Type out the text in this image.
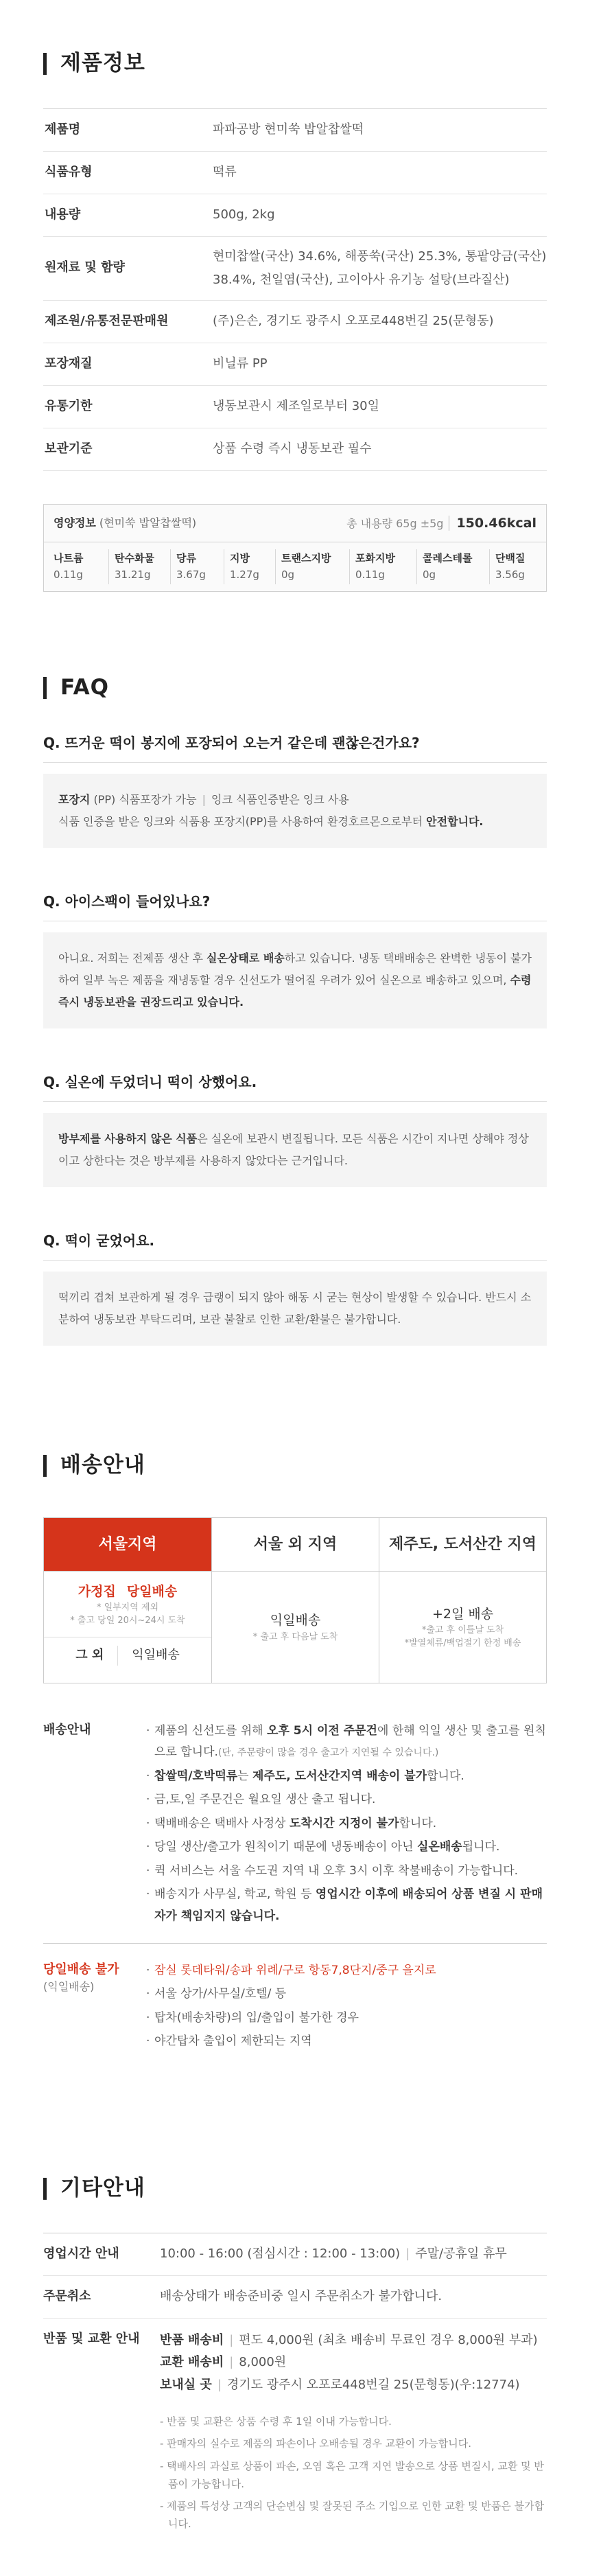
제품정보
제품명	파파공방 현미쑥 밥알찹쌀떡
식품유형	떡류
내용량	500g, 2kg
원재료 및 함량
현미찹쌀(국산) 34.6%, 해풍쑥(국산) 25.3%, 통팥앙금(국산) 38.4%, 천일염(국산), 고이아사 유기농 설탕(브라질산)
제조원/유통전문판매원	(주)은손, 경기도 광주시 오포로448번길 25(문형동)
포장재질	비닐류 PP
유통기한	냉동보관시 제조일로부터 30일
보관기준	상품 수령 즉시 냉동보관 필수
영양정보 (현미쑥 밥알찹쌀떡)	총 내용량 65g ±5g 150.46kcal
나트륨
0.11g
탄수화물
31.21g
당류
3.67g
지방
1.27g
트랜스지방
0g
포화지방
0.11g
콜레스테롤
0g
단백질
3.56g
FAQ
Q. 뜨거운 떡이 봉지에 포장되어 오는거 같은데 괜찮은건가요?
포장지 (PP) 식품포장가 가능 | 잉크 식품인증받은 잉크 사용
식품 인증을 받은 잉크와 식품용 포장지(PP)를 사용하여 환경호르몬으로부터 안전합니다.
Q. 아이스팩이 들어있나요?
아니요. 저희는 전제품 생산 후 실온상태로 배송하고 있습니다. 냉동 택배배송은 완벽한 냉동이 불가하여 일부 녹은 제품을 재냉동할 경우 신선도가 떨어질 우려가 있어 실온으로 배송하고 있으며, 수령 즉시 냉동보관을 권장드리고 있습니다.
Q. 실온에 두었더니 떡이 상했어요.
방부제를 사용하지 않은 식품은 실온에 보관시 변질됩니다. 모든 식품은 시간이 지나면 상해야 정상이고 상한다는 것은 방부제를 사용하지 않았다는 근거입니다.
Q. 떡이 굳었어요.
떡끼리 겹쳐 보관하게 될 경우 급랭이 되지 않아 해동 시 굳는 현상이 발생할 수 있습니다. 반드시 소분하여 냉동보관 부탁드리며, 보관 불찰로 인한 교환/환불은 불가합니다.
배송안내
서울지역	서울 외 지역	제주도, 도서산간 지역
가정집 당일배송
* 일부지역 제외
* 출고 당일 20시~24시 도착
그 외	익일배송
익일배송
* 출고 후 다음날 도착
+2일 배송
*출고 후 이틀날 도착
*발열체류/백업절기 한정 배송
배송안내
·	제품의 신선도를 위해 오후 5시 이전 주문건에 한해 익일 생산 및 출고를 원칙으로 합니다.(단, 주문량이 많을 경우 출고가 지연될 수 있습니다.)
· 찹쌀떡/호박떡류는 제주도, 도서산간지역 배송이 불가합니다.
· 금,토,일 주문건은 월요일 생산 출고 됩니다.
· 택배배송은 택배사 사정상 도착시간 지정이 불가합니다.
· 당일 생산/출고가 원칙이기 때문에 냉동배송이 아닌 실온배송됩니다.
· 퀵 서비스는 서울 수도권 지역 내 오후 3시 이후 착불배송이 가능합니다.
· 배송지가 사무실, 학교, 학원 등 영업시간 이후에 배송되어 상품 변질 시 판매자가 책임지지 않습니다.
당일배송 불가
(익일배송)
· 잠실 롯데타워/송파 위례/구로 항동7,8단지/중구 을지로
· 서울 상가/사무실/호텔/ 등
· 탑차(배송차량)의 입/출입이 불가한 경우
· 야간탑차 출입이 제한되는 지역
기타안내
영업시간 안내	10:00 - 16:00 (점심시간 : 12:00 - 13:00) | 주말/공휴일 휴무
주문취소	배송상태가 배송준비중 일시 주문취소가 불가합니다.
반품 및 교환 안내	반품 배송비 | 편도 4,000원 (최초 배송비 무료인 경우 8,000원 부과)
교환 배송비 | 8,000원
보내실 곳 | 경기도 광주시 오포로448번길 25(문형동)(우:12774)
- 반품 및 교환은 상품 수령 후 1일 이내 가능합니다.
- 판매자의 실수로 제품의 파손이나 오배송될 경우 교환이 가능합니다.
- 택배사의 과실로 상품이 파손, 오염 혹은 고객 지연 발송으로 상품 변질시, 교환 및 반품이 가능합니다.
- 제품의 특성상 고객의 단순변심 및 잘못된 주소 기입으로 인한 교환 및 반품은 불가합니다.
